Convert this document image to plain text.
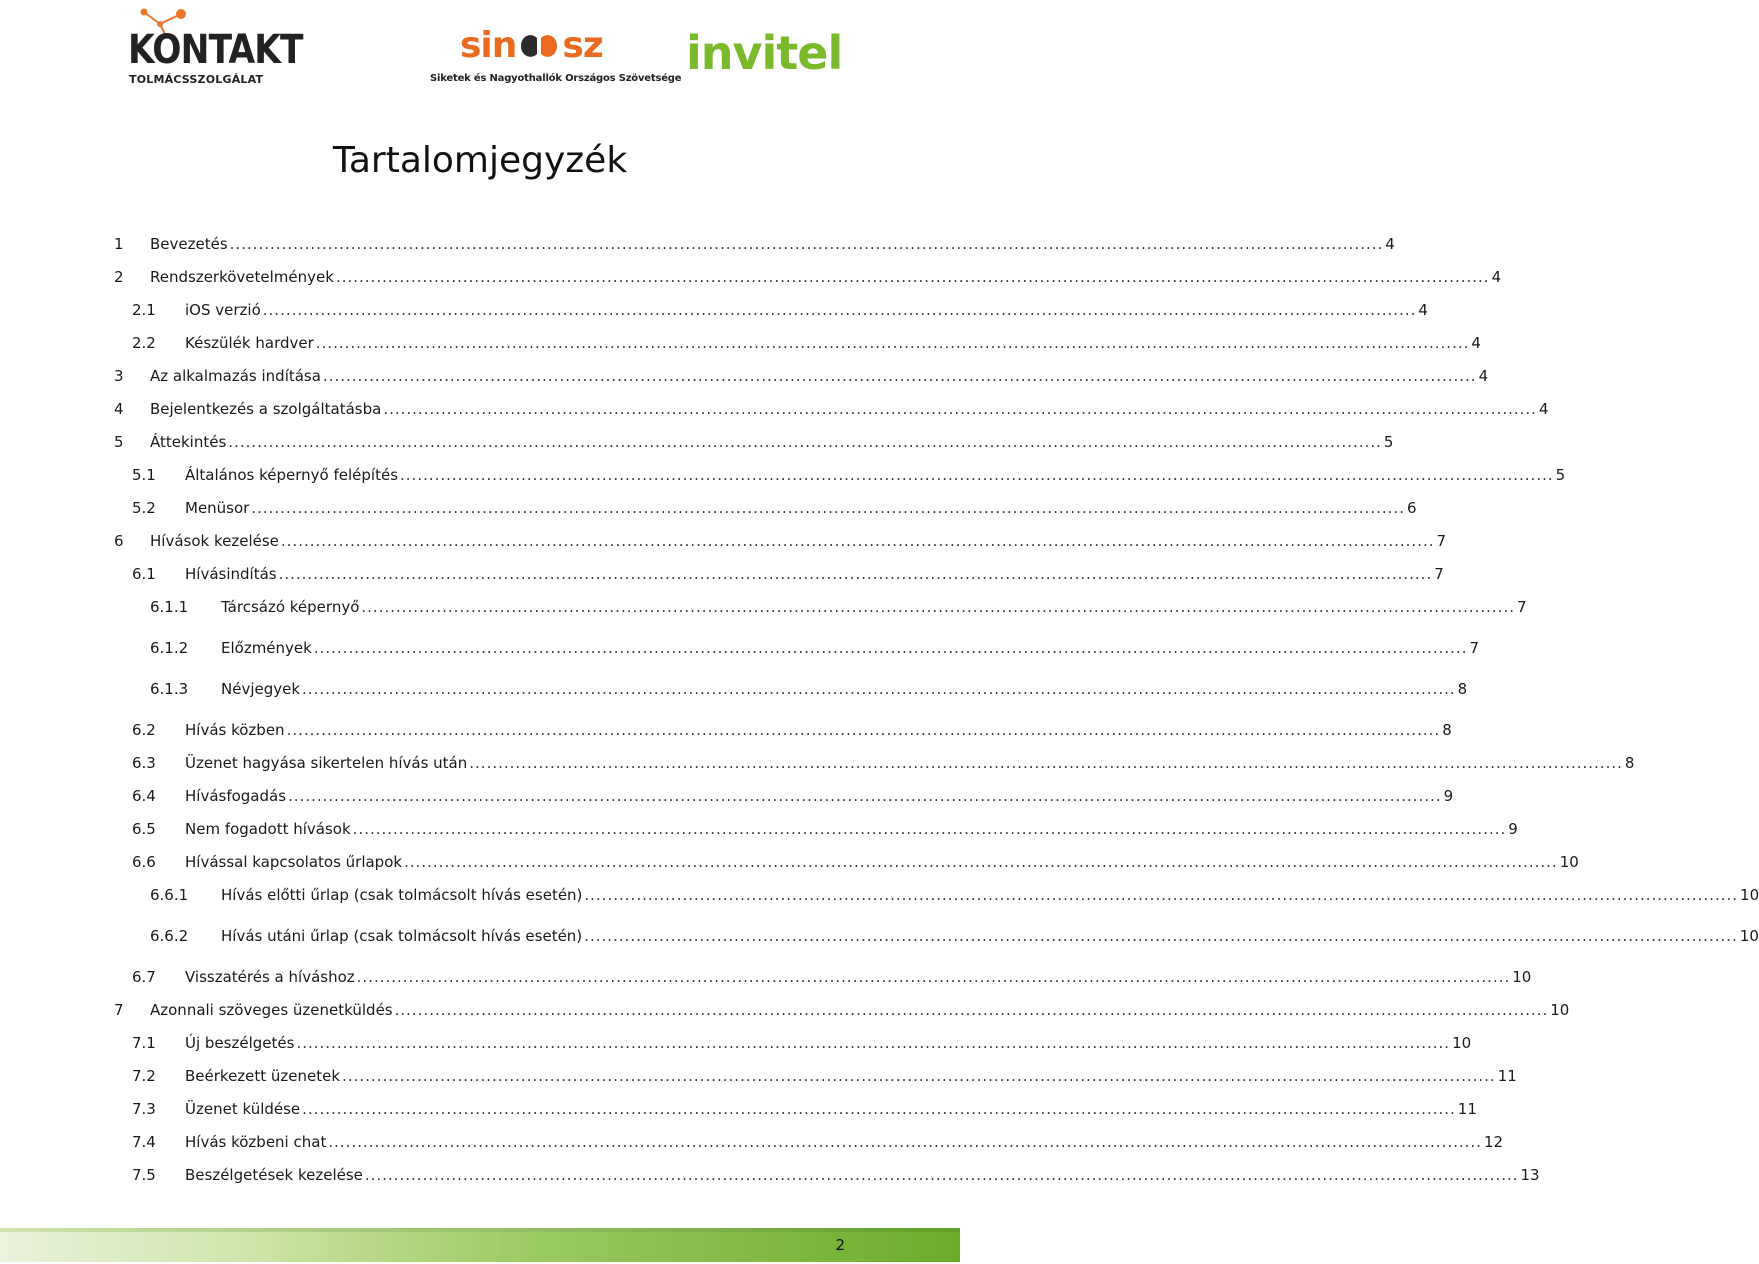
KONTAKT
TOLMÁCSSZOLGÁLAT
sin sz
Siketek és Nagyothallók Országos Szövetsége invitel
Tartalomjegyzék
1 Bevezetés ........................................................................................................................................................................................................ 4
2 Rendszerkövetelmények ........................................................................................................................................................................................................ 4
2.1 iOS verzió ........................................................................................................................................................................................................ 4
2.2 Készülék hardver ........................................................................................................................................................................................................ 4
3 Az alkalmazás indítása ........................................................................................................................................................................................................ 4
4 Bejelentkezés a szolgáltatásba ........................................................................................................................................................................................................ 4
5 Áttekintés ........................................................................................................................................................................................................ 5
5.1 Általános képernyő felépítés ........................................................................................................................................................................................................ 5
5.2 Menüsor ........................................................................................................................................................................................................ 6
6 Hívások kezelése ........................................................................................................................................................................................................ 7
6.1 Hívásindítás ........................................................................................................................................................................................................ 7
6.1.1 Tárcsázó képernyő ........................................................................................................................................................................................................ 7
6.1.2 Előzmények ........................................................................................................................................................................................................ 7
6.1.3 Névjegyek ........................................................................................................................................................................................................ 8
6.2 Hívás közben ........................................................................................................................................................................................................ 8
6.3 Üzenet hagyása sikertelen hívás után ........................................................................................................................................................................................................ 8
6.4 Hívásfogadás ........................................................................................................................................................................................................ 9
6.5 Nem fogadott hívások ........................................................................................................................................................................................................ 9
6.6 Hívással kapcsolatos űrlapok ........................................................................................................................................................................................................ 10
6.6.1 Hívás előtti űrlap (csak tolmácsolt hívás esetén) ........................................................................................................................................................................................................ 10
6.6.2 Hívás utáni űrlap (csak tolmácsolt hívás esetén) ........................................................................................................................................................................................................ 10
6.7 Visszatérés a híváshoz ........................................................................................................................................................................................................ 10
7 Azonnali szöveges üzenetküldés ........................................................................................................................................................................................................ 10
7.1 Új beszélgetés ........................................................................................................................................................................................................ 10
7.2 Beérkezett üzenetek ........................................................................................................................................................................................................ 11
7.3 Üzenet küldése ........................................................................................................................................................................................................ 11
7.4 Hívás közbeni chat ........................................................................................................................................................................................................ 12
7.5 Beszélgetések kezelése ........................................................................................................................................................................................................ 13
2
